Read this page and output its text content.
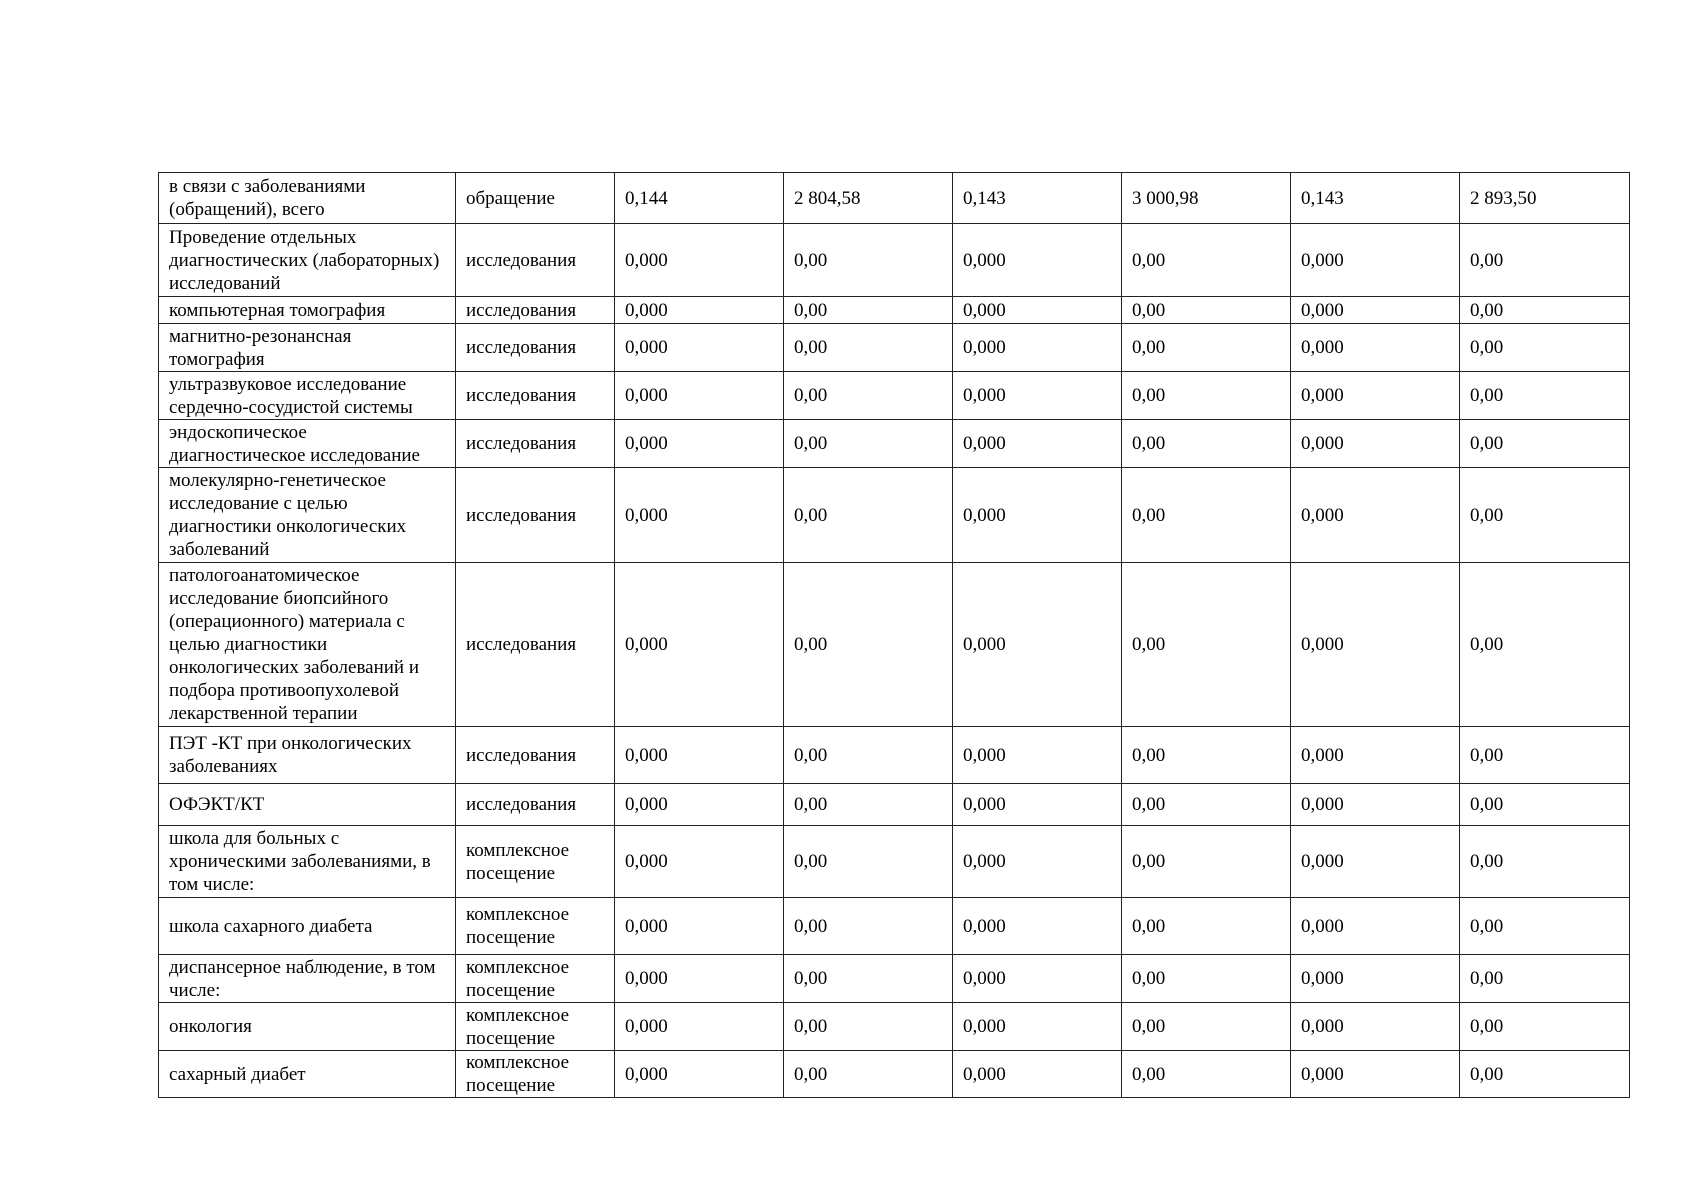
в связи с заболеваниями (обращений), всего	обращение	0,144	2 804,58	0,143	3 000,98	0,143	2 893,50
Проведение отдельных диагностических (лабораторных) исследований	исследования	0,000	0,00	0,000	0,00	0,000	0,00
компьютерная томография	исследования	0,000	0,00	0,000	0,00	0,000	0,00
магнитно-резонансная томография	исследования	0,000	0,00	0,000	0,00	0,000	0,00
ультразвуковое исследование сердечно-сосудистой системы	исследования	0,000	0,00	0,000	0,00	0,000	0,00
эндоскопическое диагностическое исследование	исследования	0,000	0,00	0,000	0,00	0,000	0,00
молекулярно-генетическое исследование с целью диагностики онкологических заболеваний	исследования	0,000	0,00	0,000	0,00	0,000	0,00
патологоанатомическое исследование биопсийного (операционного) материала с целью диагностики онкологических заболеваний и подбора противоопухолевой лекарственной терапии	исследования	0,000	0,00	0,000	0,00	0,000	0,00
ПЭТ -КТ при онкологических заболеваниях	исследования	0,000	0,00	0,000	0,00	0,000	0,00
ОФЭКТ/КТ	исследования	0,000	0,00	0,000	0,00	0,000	0,00
школа для больных с хроническими заболеваниями, в том числе:	комплексное посещение	0,000	0,00	0,000	0,00	0,000	0,00
школа сахарного диабета	комплексное посещение	0,000	0,00	0,000	0,00	0,000	0,00
диспансерное наблюдение, в том числе:	комплексное посещение	0,000	0,00	0,000	0,00	0,000	0,00
онкология	комплексное посещение	0,000	0,00	0,000	0,00	0,000	0,00
сахарный диабет	комплексное посещение	0,000	0,00	0,000	0,00	0,000	0,00
